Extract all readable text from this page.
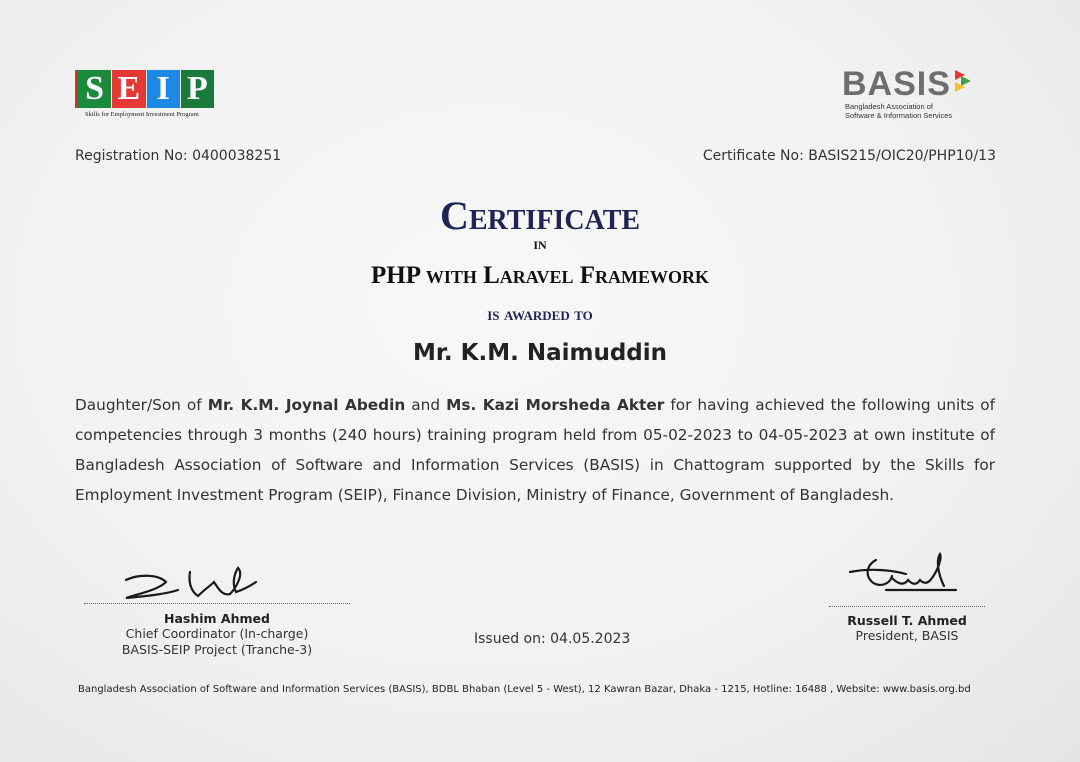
S E I P
Skills for Employment Investment Program
BASIS
Bangladesh Association of
Software & Information Services
Registration No: 0400038251	Certificate No: BASIS215/OIC20/PHP10/13
Certificate
in
PHP with Laravel Framework
is awarded to
Mr. K.M. Naimuddin
Daughter/Son of Mr. K.M. Joynal Abedin and Ms. Kazi Morsheda Akter for having achieved the following units of competencies through 3 months (240 hours) training program held from 05-02-2023 to 04-05-2023 at own institute of Bangladesh Association of Software and Information Services (BASIS) in Chattogram supported by the Skills for Employment Investment Program (SEIP), Finance Division, Ministry of Finance, Government of Bangladesh.
Hashim Ahmed
Chief Coordinator (In-charge)
BASIS-SEIP Project (Tranche-3)
Issued on: 04.05.2023
Russell T. Ahmed
President, BASIS
Bangladesh Association of Software and Information Services (BASIS), BDBL Bhaban (Level 5 - West), 12 Kawran Bazar, Dhaka - 1215, Hotline: 16488 , Website: www.basis.org.bd
